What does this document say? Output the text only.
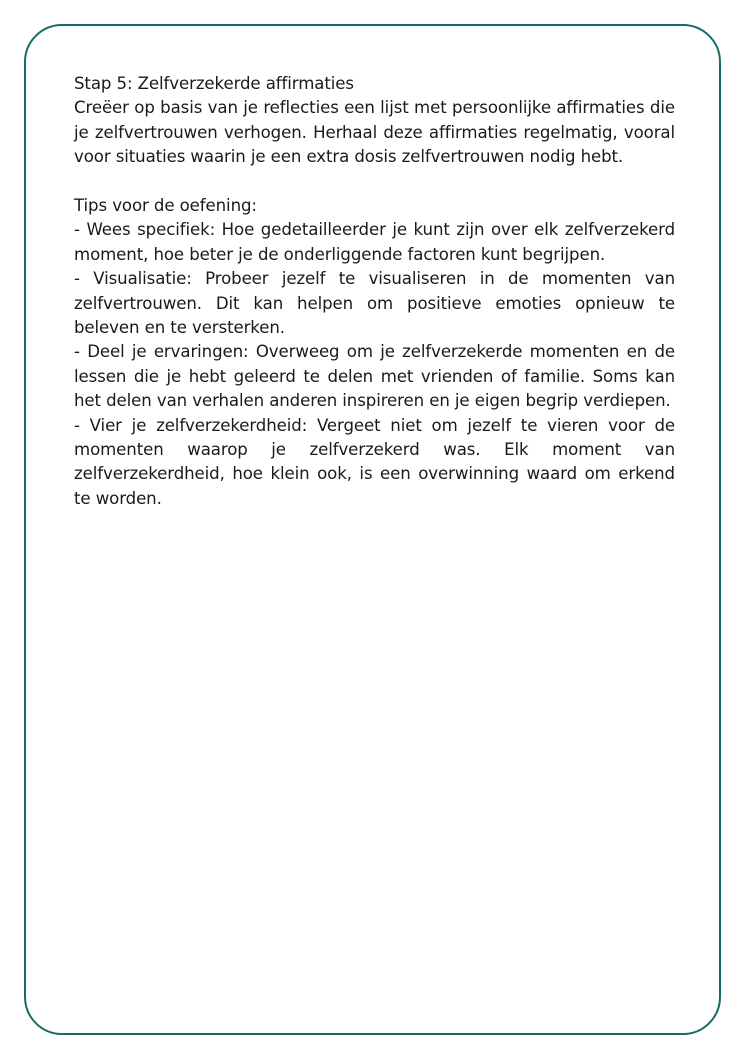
Stap 5: Zelfverzekerde affirmaties

Creëer op basis van je reflecties een lijst met persoonlijke affirmaties die je zelfvertrouwen verhogen. Herhaal deze affirmaties regelmatig, vooral voor situaties waarin je een extra dosis zelfvertrouwen nodig hebt.

Tips voor de oefening:

- Wees specifiek: Hoe gedetailleerder je kunt zijn over elk zelfverzekerd moment, hoe beter je de onderliggende factoren kunt begrijpen.

- Visualisatie: Probeer jezelf te visualiseren in de momenten van zelfvertrouwen. Dit kan helpen om positieve emoties opnieuw te beleven en te versterken.

- Deel je ervaringen: Overweeg om je zelfverzekerde momenten en de lessen die je hebt geleerd te delen met vrienden of familie. Soms kan het delen van verhalen anderen inspireren en je eigen begrip verdiepen.

- Vier je zelfverzekerdheid: Vergeet niet om jezelf te vieren voor de momenten waarop je zelfverzekerd was. Elk moment van zelfverzekerdheid, hoe klein ook, is een overwinning waard om erkend te worden.
